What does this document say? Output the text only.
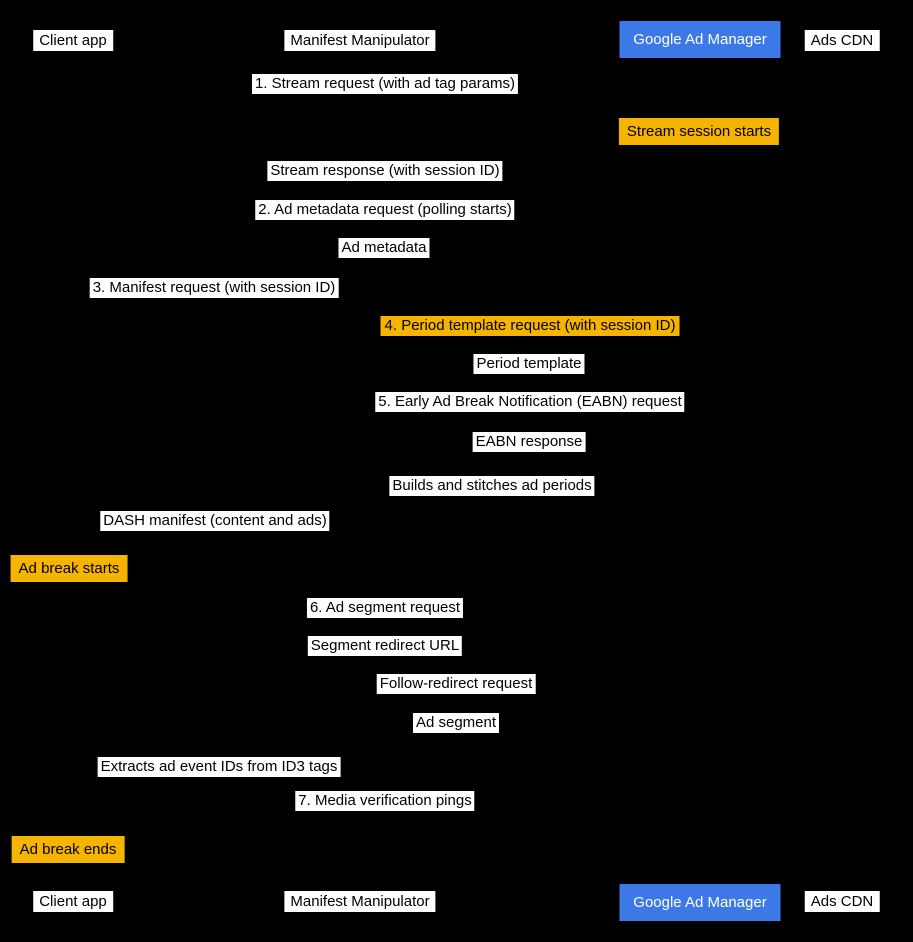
Client app	Manifest Manipulator	Google Ad Manager	Ads CDN
1. Stream request (with ad tag params)
Stream session starts
Stream response (with session ID)
2. Ad metadata request (polling starts)
Ad metadata
3. Manifest request (with session ID)
4. Period template request (with session ID)
Period template
5. Early Ad Break Notification (EABN) request
EABN response
Builds and stitches ad periods
DASH manifest (content and ads)
Ad break starts
6. Ad segment request
Segment redirect URL
Follow-redirect request
Ad segment
Extracts ad event IDs from ID3 tags
7. Media verification pings
Ad break ends
Client app	Manifest Manipulator	Google Ad Manager	Ads CDN
